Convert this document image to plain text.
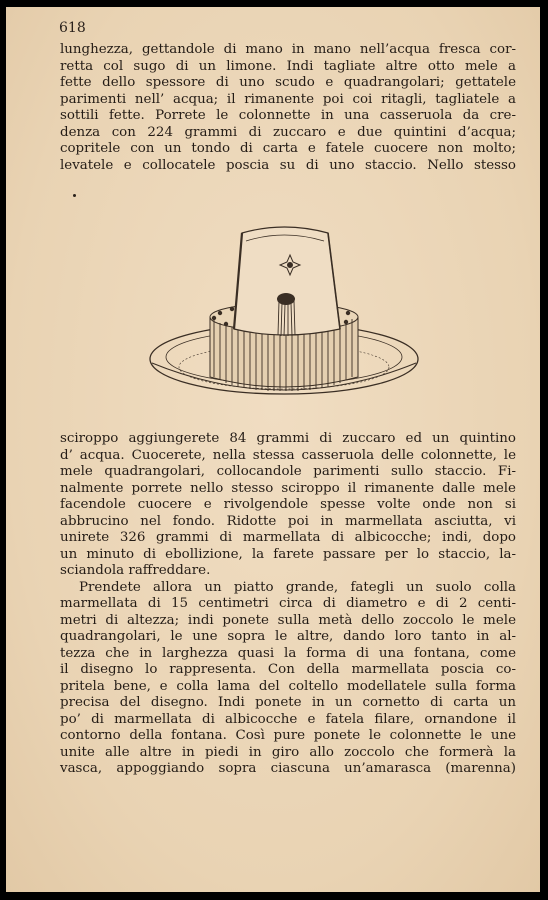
618
lunghezza, gettandole di mano in mano nell’acqua fresca cor-
retta col sugo di un limone. Indi tagliate altre otto mele a
fette dello spessore di uno scudo e quadrangolari; gettatele
parimenti nell’ acqua; il rimanente poi coi ritagli, tagliatele a
sottili fette. Porrete le colonnette in una casseruola da cre-
denza con 224 grammi di zuccaro e due quintini d’acqua;
copritele con un tondo di carta e fatele cuocere non molto;
levatele e collocatele poscia su di uno staccio. Nello stesso
sciroppo aggiungerete 84 grammi di zuccaro ed un quintino
d’ acqua. Cuocerete, nella stessa casseruola delle colonnette, le
mele quadrangolari, collocandole parimenti sullo staccio. Fi-
nalmente porrete nello stesso sciroppo il rimanente dalle mele
facendole cuocere e rivolgendole spesse volte onde non si
abbrucino nel fondo. Ridotte poi in marmellata asciutta, vi
unirete 326 grammi di marmellata di albicocche; indi, dopo
un minuto di ebollizione, la farete passare per lo staccio, la-
sciandola raffreddare.
Prendete allora un piatto grande, fategli un suolo colla
marmellata di 15 centimetri circa di diametro e di 2 centi-
metri di altezza; indi ponete sulla metà dello zoccolo le mele
quadrangolari, le une sopra le altre, dando loro tanto in al-
tezza che in larghezza quasi la forma di una fontana, come
il disegno lo rappresenta. Con della marmellata poscia co-
pritela bene, e colla lama del coltello modellatele sulla forma
precisa del disegno. Indi ponete in un cornetto di carta un
po’ di marmellata di albicocche e fatela filare, ornandone il
contorno della fontana. Così pure ponete le colonnette le une
unite alle altre in piedi in giro allo zoccolo che formerà la
vasca, appoggiando sopra ciascuna un’amarasca (marenna)
